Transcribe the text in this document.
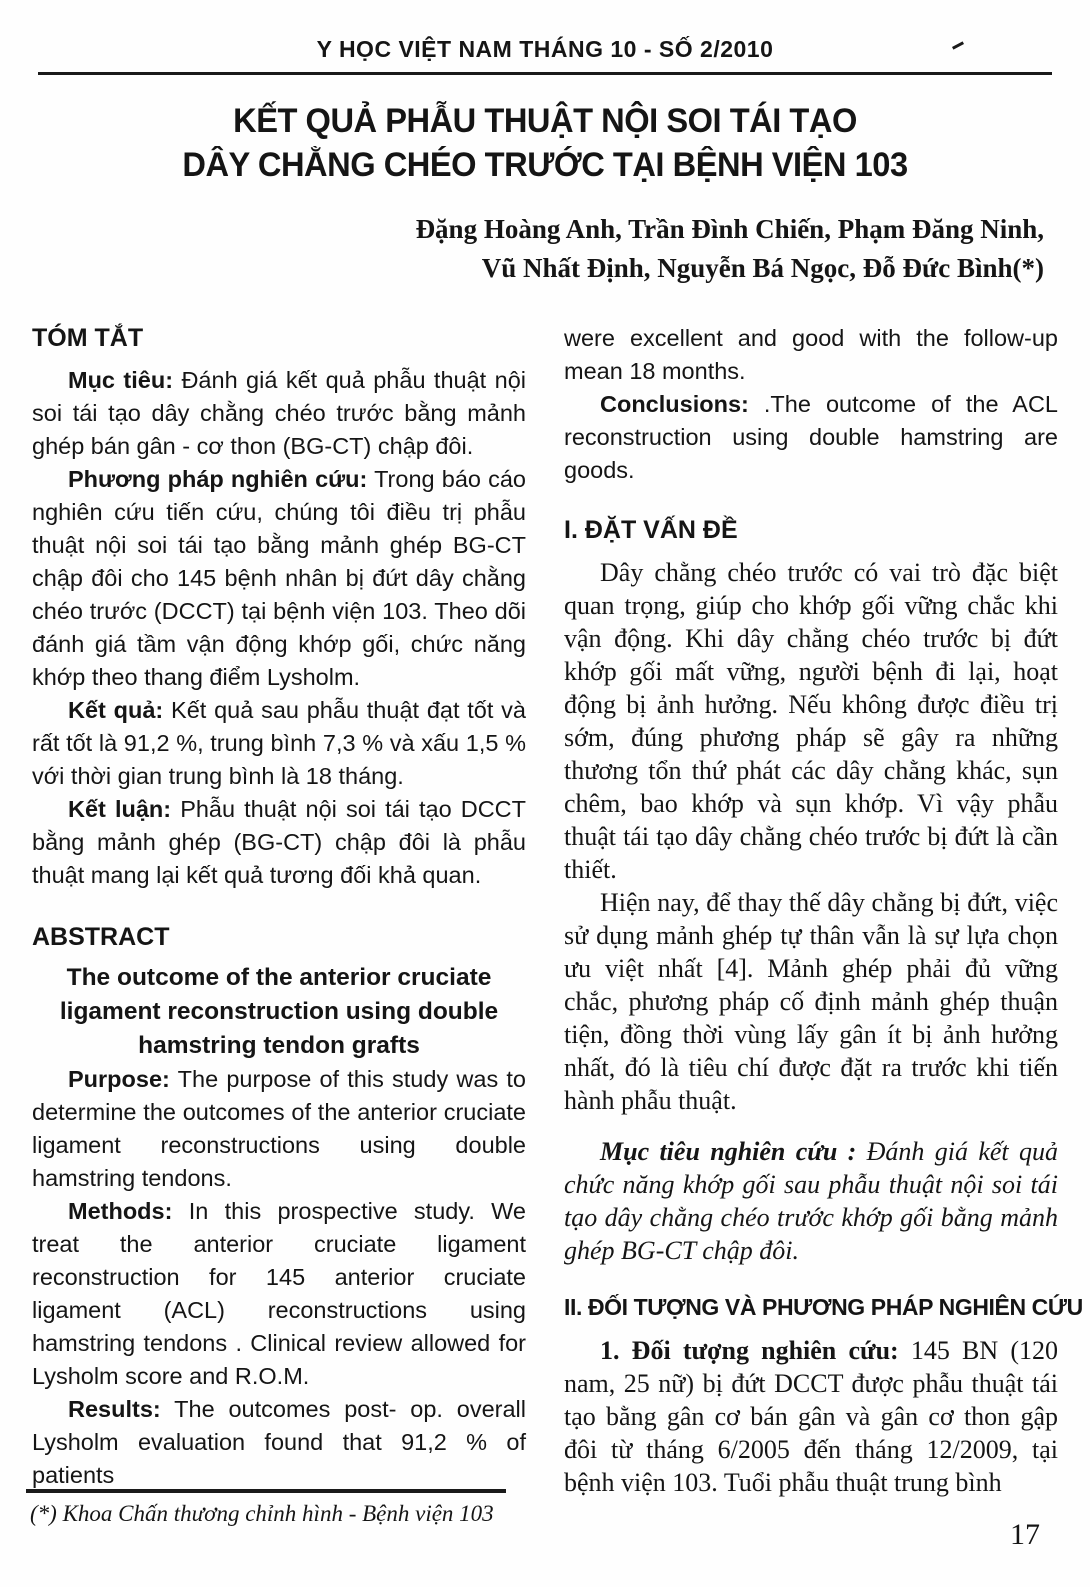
Y HỌC VIỆT NAM THÁNG 10 - SỐ 2/2010
KẾT QUẢ PHẪU THUẬT NỘI SOI TÁI TẠO
DÂY CHẰNG CHÉO TRƯỚC TẠI BỆNH VIỆN 103
Đặng Hoàng Anh, Trần Đình Chiến, Phạm Đăng Ninh,
Vũ Nhất Định, Nguyễn Bá Ngọc, Đỗ Đức Bình(*)
TÓM TẮT

Mục tiêu: Đánh giá kết quả phẫu thuật nội soi tái tạo dây chằng chéo trước bằng mảnh ghép bán gân - cơ thon (BG-CT) chập đôi.

Phương pháp nghiên cứu: Trong báo cáo nghiên cứu tiến cứu, chúng tôi điều trị phẫu thuật nội soi tái tạo bằng mảnh ghép BG-CT chập đôi cho 145 bệnh nhân bị đứt dây chằng chéo trước (DCCT) tại bệnh viện 103. Theo dõi đánh giá tầm vận động khớp gối, chức năng khớp theo thang điểm Lysholm.

Kết quả: Kết quả sau phẫu thuật đạt tốt và rất tốt là 91,2 %, trung bình 7,3 % và xấu 1,5 % với thời gian trung bình là 18 tháng.

Kết luận: Phẫu thuật nội soi tái tạo DCCT bằng mảnh ghép (BG-CT) chập đôi là phẫu thuật mang lại kết quả tương đối khả quan.

ABSTRACT

The outcome of the anterior cruciate ligament reconstruction using double hamstring tendon grafts

Purpose: The purpose of this study was to determine the outcomes of the anterior cruciate ligament reconstructions using double hamstring tendons.

Methods: In this prospective study. We treat the anterior cruciate ligament reconstruction for 145 anterior cruciate ligament (ACL) reconstructions using hamstring tendons . Clinical review allowed for Lysholm score and R.O.M.

Results: The outcomes post- op. overall Lysholm evaluation found that 91,2 % of patients

were excellent and good with the follow-up mean 18 months.

Conclusions: .The outcome of the ACL reconstruction using double hamstring are goods.

I. ĐẶT VẤN ĐỀ

Dây chằng chéo trước có vai trò đặc biệt quan trọng, giúp cho khớp gối vững chắc khi vận động. Khi dây chằng chéo trước bị đứt khớp gối mất vững, người bệnh đi lại, hoạt động bị ảnh hưởng. Nếu không được điều trị sớm, đúng phương pháp sẽ gây ra những thương tổn thứ phát các dây chằng khác, sụn chêm, bao khớp và sụn khớp. Vì vậy phẫu thuật tái tạo dây chằng chéo trước bị đứt là cần thiết.

Hiện nay, để thay thế dây chằng bị đứt, việc sử dụng mảnh ghép tự thân vẫn là sự lựa chọn ưu việt nhất [4]. Mảnh ghép phải đủ vững chắc, phương pháp cố định mảnh ghép thuận tiện, đồng thời vùng lấy gân ít bị ảnh hưởng nhất, đó là tiêu chí được đặt ra trước khi tiến hành phẫu thuật.

Mục tiêu nghiên cứu : Đánh giá kết quả chức năng khớp gối sau phẫu thuật nội soi tái tạo dây chằng chéo trước khớp gối bằng mảnh ghép BG-CT chập đôi.

II. ĐỐI TƯỢNG VÀ PHƯƠNG PHÁP NGHIÊN CỨU

1. Đối tượng nghiên cứu: 145 BN (120 nam, 25 nữ) bị đứt DCCT được phẫu thuật tái tạo bằng gân cơ bán gân và gân cơ thon gập đôi từ tháng 6/2005 đến tháng 12/2009, tại bệnh viện 103. Tuổi phẫu thuật trung bình

(*) Khoa Chấn thương chỉnh hình - Bệnh viện 103
17
